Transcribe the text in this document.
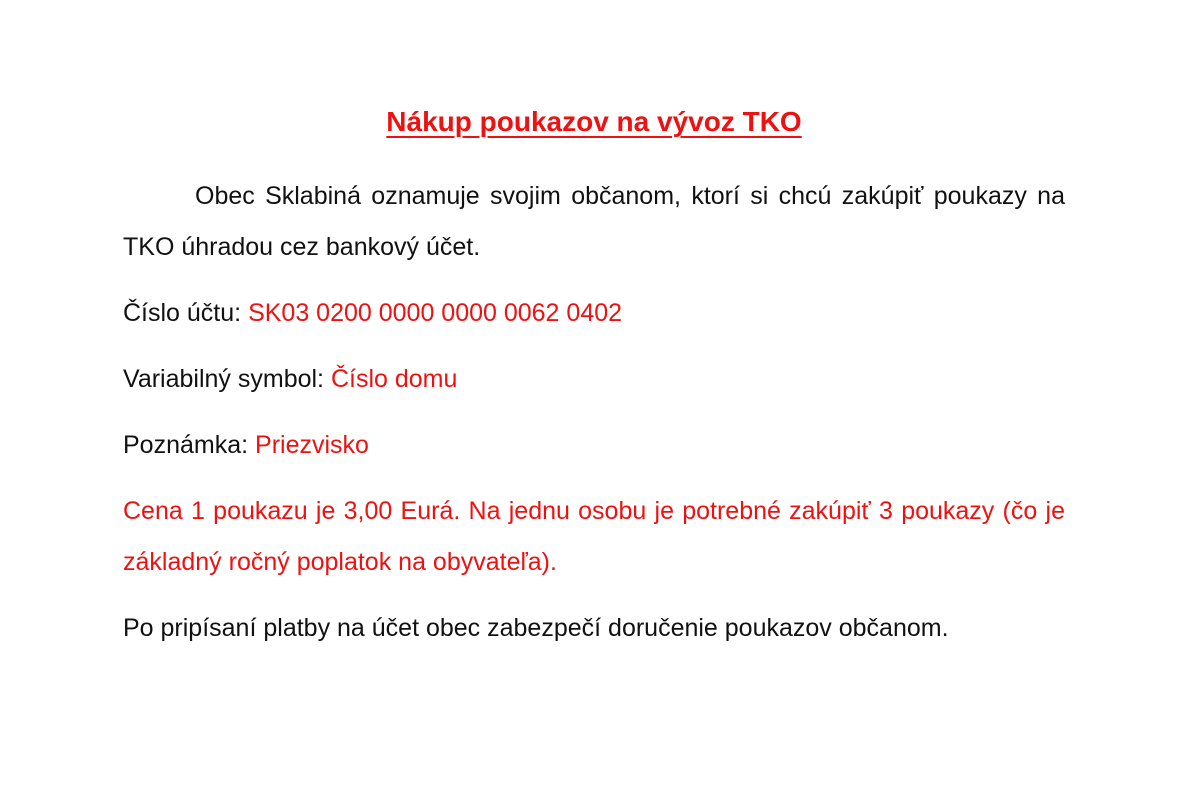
Nákup poukazov na vývoz TKO

Obec Sklabiná oznamuje svojim občanom, ktorí si chcú zakúpiť poukazy na TKO úhradou cez bankový účet.

Číslo účtu: SK03 0200 0000 0000 0062 0402

Variabilný symbol: Číslo domu

Poznámka: Priezvisko

Cena 1 poukazu je 3,00 Eurá. Na jednu osobu je potrebné zakúpiť 3 poukazy (čo je základný ročný poplatok na obyvateľa).

Po pripísaní platby na účet obec zabezpečí doručenie poukazov občanom.
